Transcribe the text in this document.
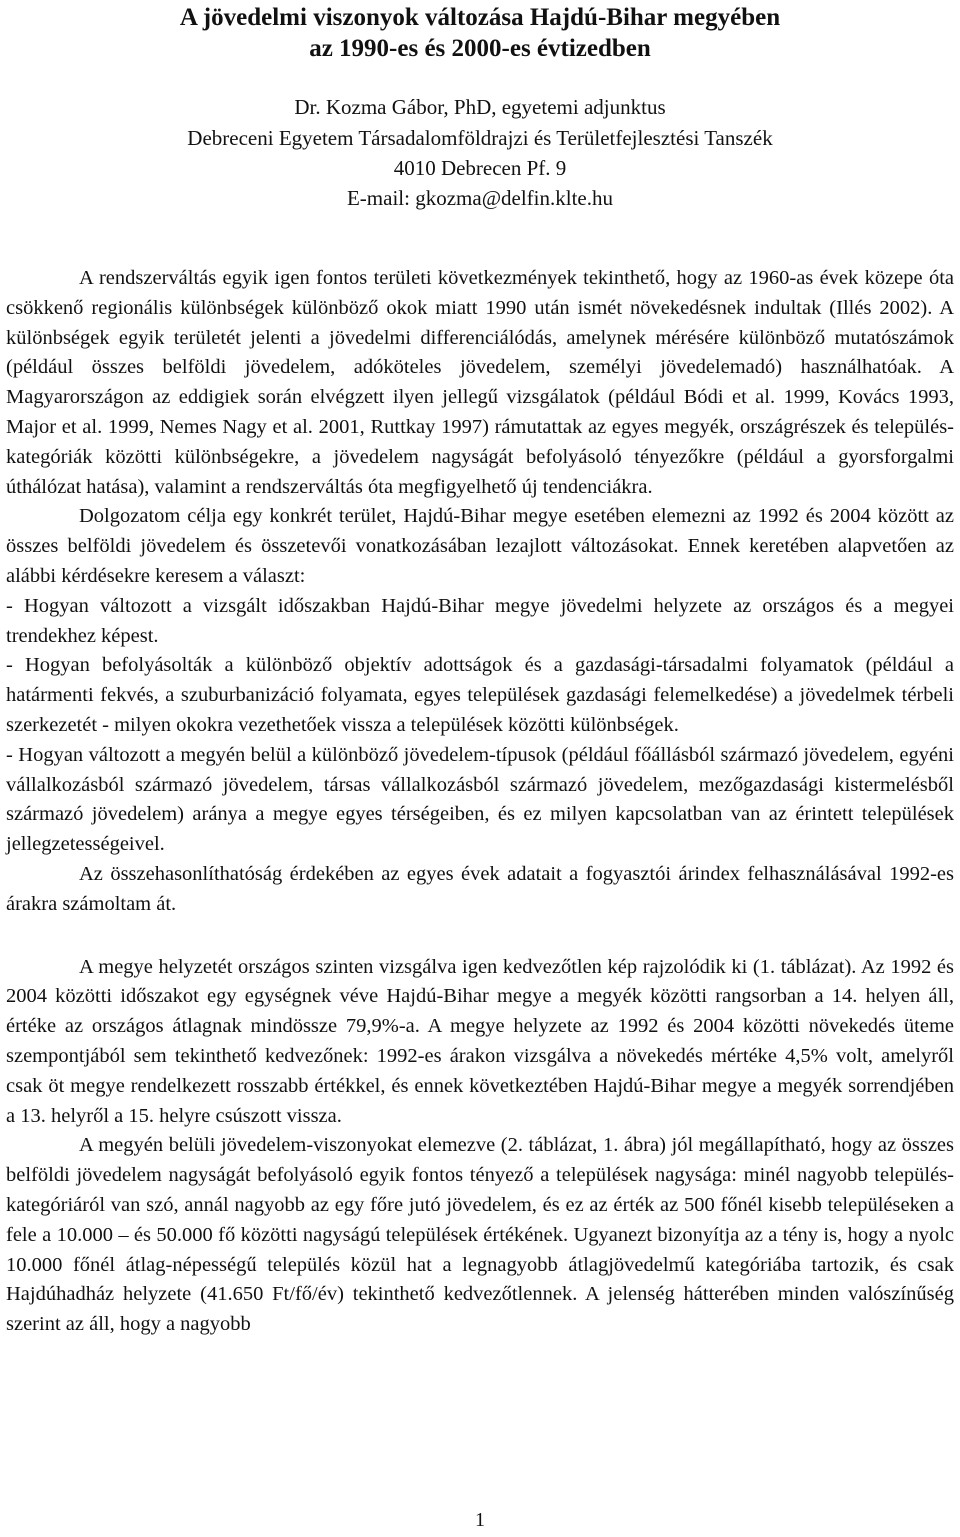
A jövedelmi viszonyok változása Hajdú-Bihar megyében
az 1990-es és 2000-es évtizedben
Dr. Kozma Gábor, PhD, egyetemi adjunktus
Debreceni Egyetem Társadalomföldrajzi és Területfejlesztési Tanszék
4010 Debrecen Pf. 9
E-mail: gkozma@delfin.klte.hu

A rendszerváltás egyik igen fontos területi következmények tekinthető, hogy az 1960-as évek közepe óta csökkenő regionális különbségek különböző okok miatt 1990 után ismét növekedésnek indultak (Illés 2002). A különbségek egyik területét jelenti a jövedelmi differenciálódás, amelynek mérésére különböző mutatószámok (például összes belföldi jövedelem, adóköteles jövedelem, személyi jövedelemadó) használhatóak. A Magyarországon az eddigiek során elvégzett ilyen jellegű vizsgálatok (például Bódi et al. 1999, Kovács 1993, Major et al. 1999, Nemes Nagy et al. 2001, Ruttkay 1997) rámutattak az egyes megyék, országrészek és település-kategóriák közötti különbségekre, a jövedelem nagyságát befolyásoló tényezőkre (például a gyorsforgalmi úthálózat hatása), valamint a rendszerváltás óta megfigyelhető új tendenciákra.

Dolgozatom célja egy konkrét terület, Hajdú-Bihar megye esetében elemezni az 1992 és 2004 között az összes belföldi jövedelem és összetevői vonatkozásában lezajlott változásokat. Ennek keretében alapvetően az alábbi kérdésekre keresem a választ:

- Hogyan változott a vizsgált időszakban Hajdú-Bihar megye jövedelmi helyzete az országos és a megyei trendekhez képest.

- Hogyan befolyásolták a különböző objektív adottságok és a gazdasági-társadalmi folyamatok (például a határmenti fekvés, a szuburbanizáció folyamata, egyes települések gazdasági felemelkedése) a jövedelmek térbeli szerkezetét - milyen okokra vezethetőek vissza a települések közötti különbségek.

- Hogyan változott a megyén belül a különböző jövedelem-típusok (például főállásból származó jövedelem, egyéni vállalkozásból származó jövedelem, társas vállalkozásból származó jövedelem, mezőgazdasági kistermelésből származó jövedelem) aránya a megye egyes térségeiben, és ez milyen kapcsolatban van az érintett települések jellegzetességeivel.

Az összehasonlíthatóság érdekében az egyes évek adatait a fogyasztói árindex felhasználásával 1992-es árakra számoltam át.

A megye helyzetét országos szinten vizsgálva igen kedvezőtlen kép rajzolódik ki (1. táblázat). Az 1992 és 2004 közötti időszakot egy egységnek véve Hajdú-Bihar megye a megyék közötti rangsorban a 14. helyen áll, értéke az országos átlagnak mindössze 79,9%-a. A megye helyzete az 1992 és 2004 közötti növekedés üteme szempontjából sem tekinthető kedvezőnek: 1992-es árakon vizsgálva a növekedés mértéke 4,5% volt, amelyről csak öt megye rendelkezett rosszabb értékkel, és ennek következtében Hajdú-Bihar megye a megyék sorrendjében a 13. helyről a 15. helyre csúszott vissza.

A megyén belüli jövedelem-viszonyokat elemezve (2. táblázat, 1. ábra) jól megállapítható, hogy az összes belföldi jövedelem nagyságát befolyásoló egyik fontos tényező a települések nagysága: minél nagyobb település-kategóriáról van szó, annál nagyobb az egy főre jutó jövedelem, és ez az érték az 500 főnél kisebb településeken a fele a 10.000 – és 50.000 fő közötti nagyságú települések értékének. Ugyanezt bizonyítja az a tény is, hogy a nyolc 10.000 főnél átlag-népességű település közül hat a legnagyobb átlagjövedelmű kategóriába tartozik, és csak Hajdúhadház helyzete (41.650 Ft/fő/év) tekinthető kedvezőtlennek. A jelenség hátterében minden valószínűség szerint az áll, hogy a nagyobb

1
